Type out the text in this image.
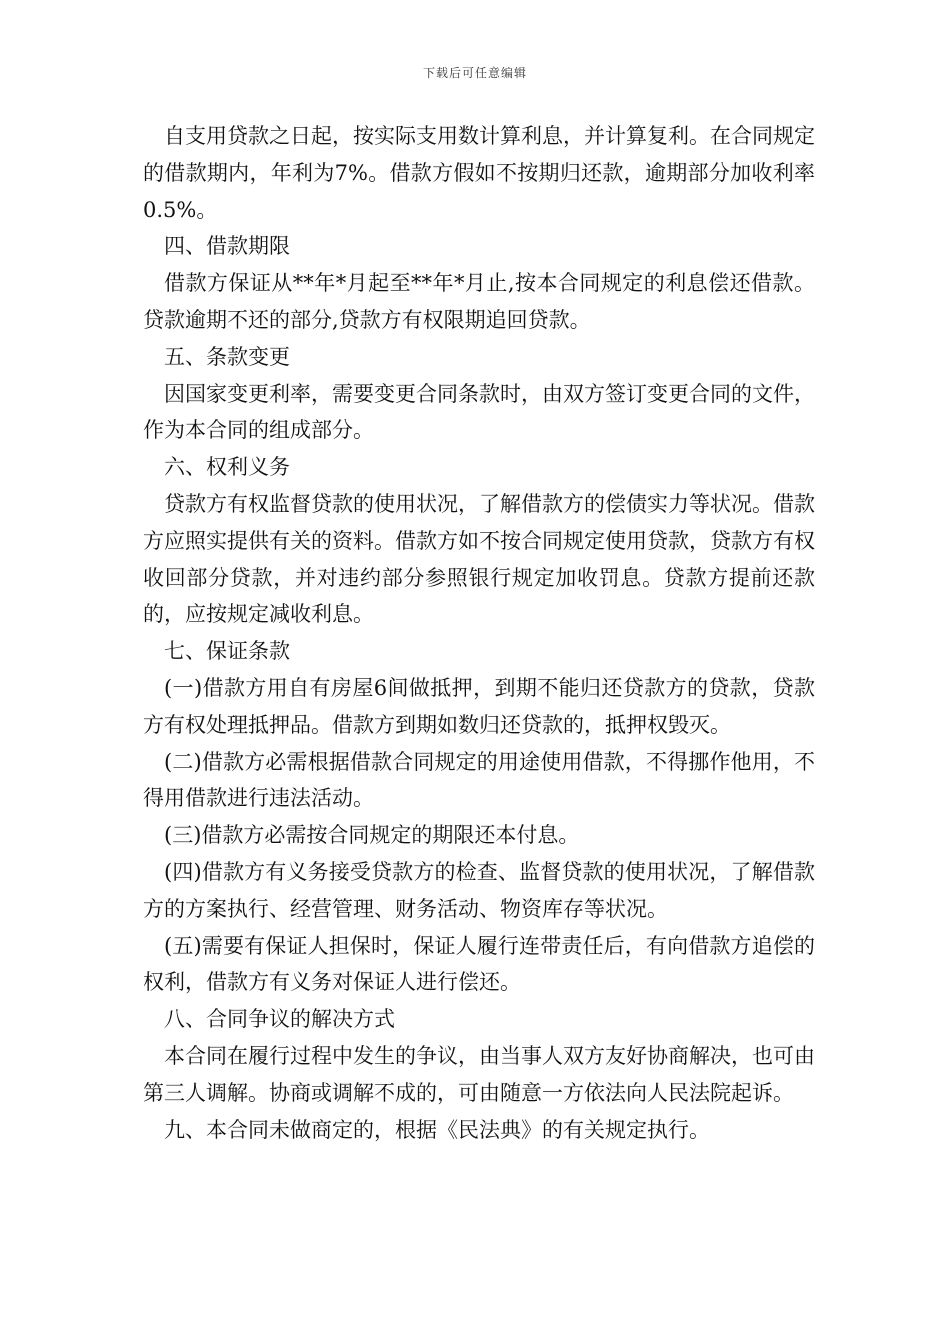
下载后可任意编辑

自支用贷款之日起，按实际支用数计算利息，并计算复利。在合同规定的借款期内，年利为7%。借款方假如不按期归还款，逾期部分加收利率0.5%。

四、借款期限

借款方保证从**年*月起至**年*月止,按本合同规定的利息偿还借款。贷款逾期不还的部分,贷款方有权限期追回贷款。

五、条款变更

因国家变更利率，需要变更合同条款时，由双方签订变更合同的文件，作为本合同的组成部分。

六、权利义务

贷款方有权监督贷款的使用状况，了解借款方的偿债实力等状况。借款方应照实提供有关的资料。借款方如不按合同规定使用贷款，贷款方有权收回部分贷款，并对违约部分参照银行规定加收罚息。贷款方提前还款的，应按规定减收利息。

七、保证条款

(一)借款方用自有房屋6间做抵押，到期不能归还贷款方的贷款，贷款方有权处理抵押品。借款方到期如数归还贷款的，抵押权毁灭。

(二)借款方必需根据借款合同规定的用途使用借款，不得挪作他用，不得用借款进行违法活动。

(三)借款方必需按合同规定的期限还本付息。

(四)借款方有义务接受贷款方的检查、监督贷款的使用状况，了解借款方的方案执行、经营管理、财务活动、物资库存等状况。

(五)需要有保证人担保时，保证人履行连带责任后，有向借款方追偿的权利，借款方有义务对保证人进行偿还。

八、合同争议的解决方式

本合同在履行过程中发生的争议，由当事人双方友好协商解决，也可由第三人调解。协商或调解不成的，可由随意一方依法向人民法院起诉。

九、本合同未做商定的，根据《民法典》的有关规定执行。
